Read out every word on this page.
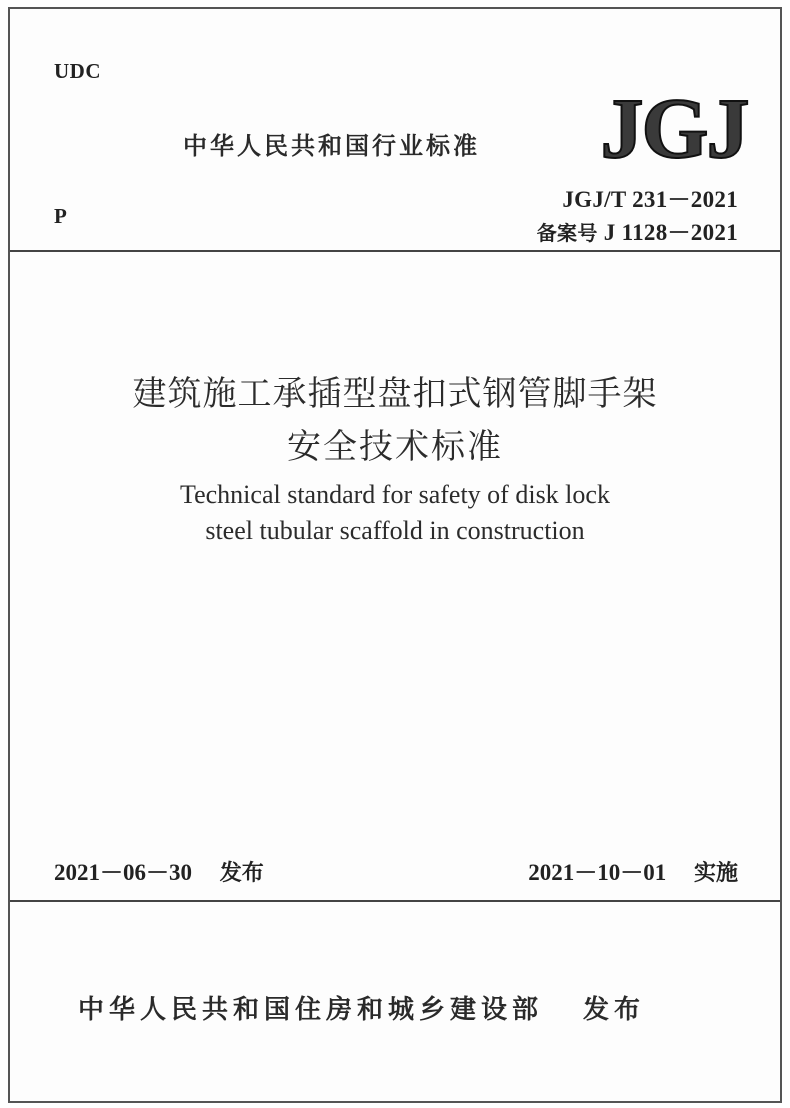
UDC
中华人民共和国行业标准 JGJ
P
JGJ/T 231－2021
备案号 J 1128－2021
建筑施工承插型盘扣式钢管脚手架
安全技术标准
Technical standard for safety of disk lock
steel tubular scaffold in construction
2021－06－30 发布	2021－10－01 实施
中华人民共和国住房和城乡建设部 发布
